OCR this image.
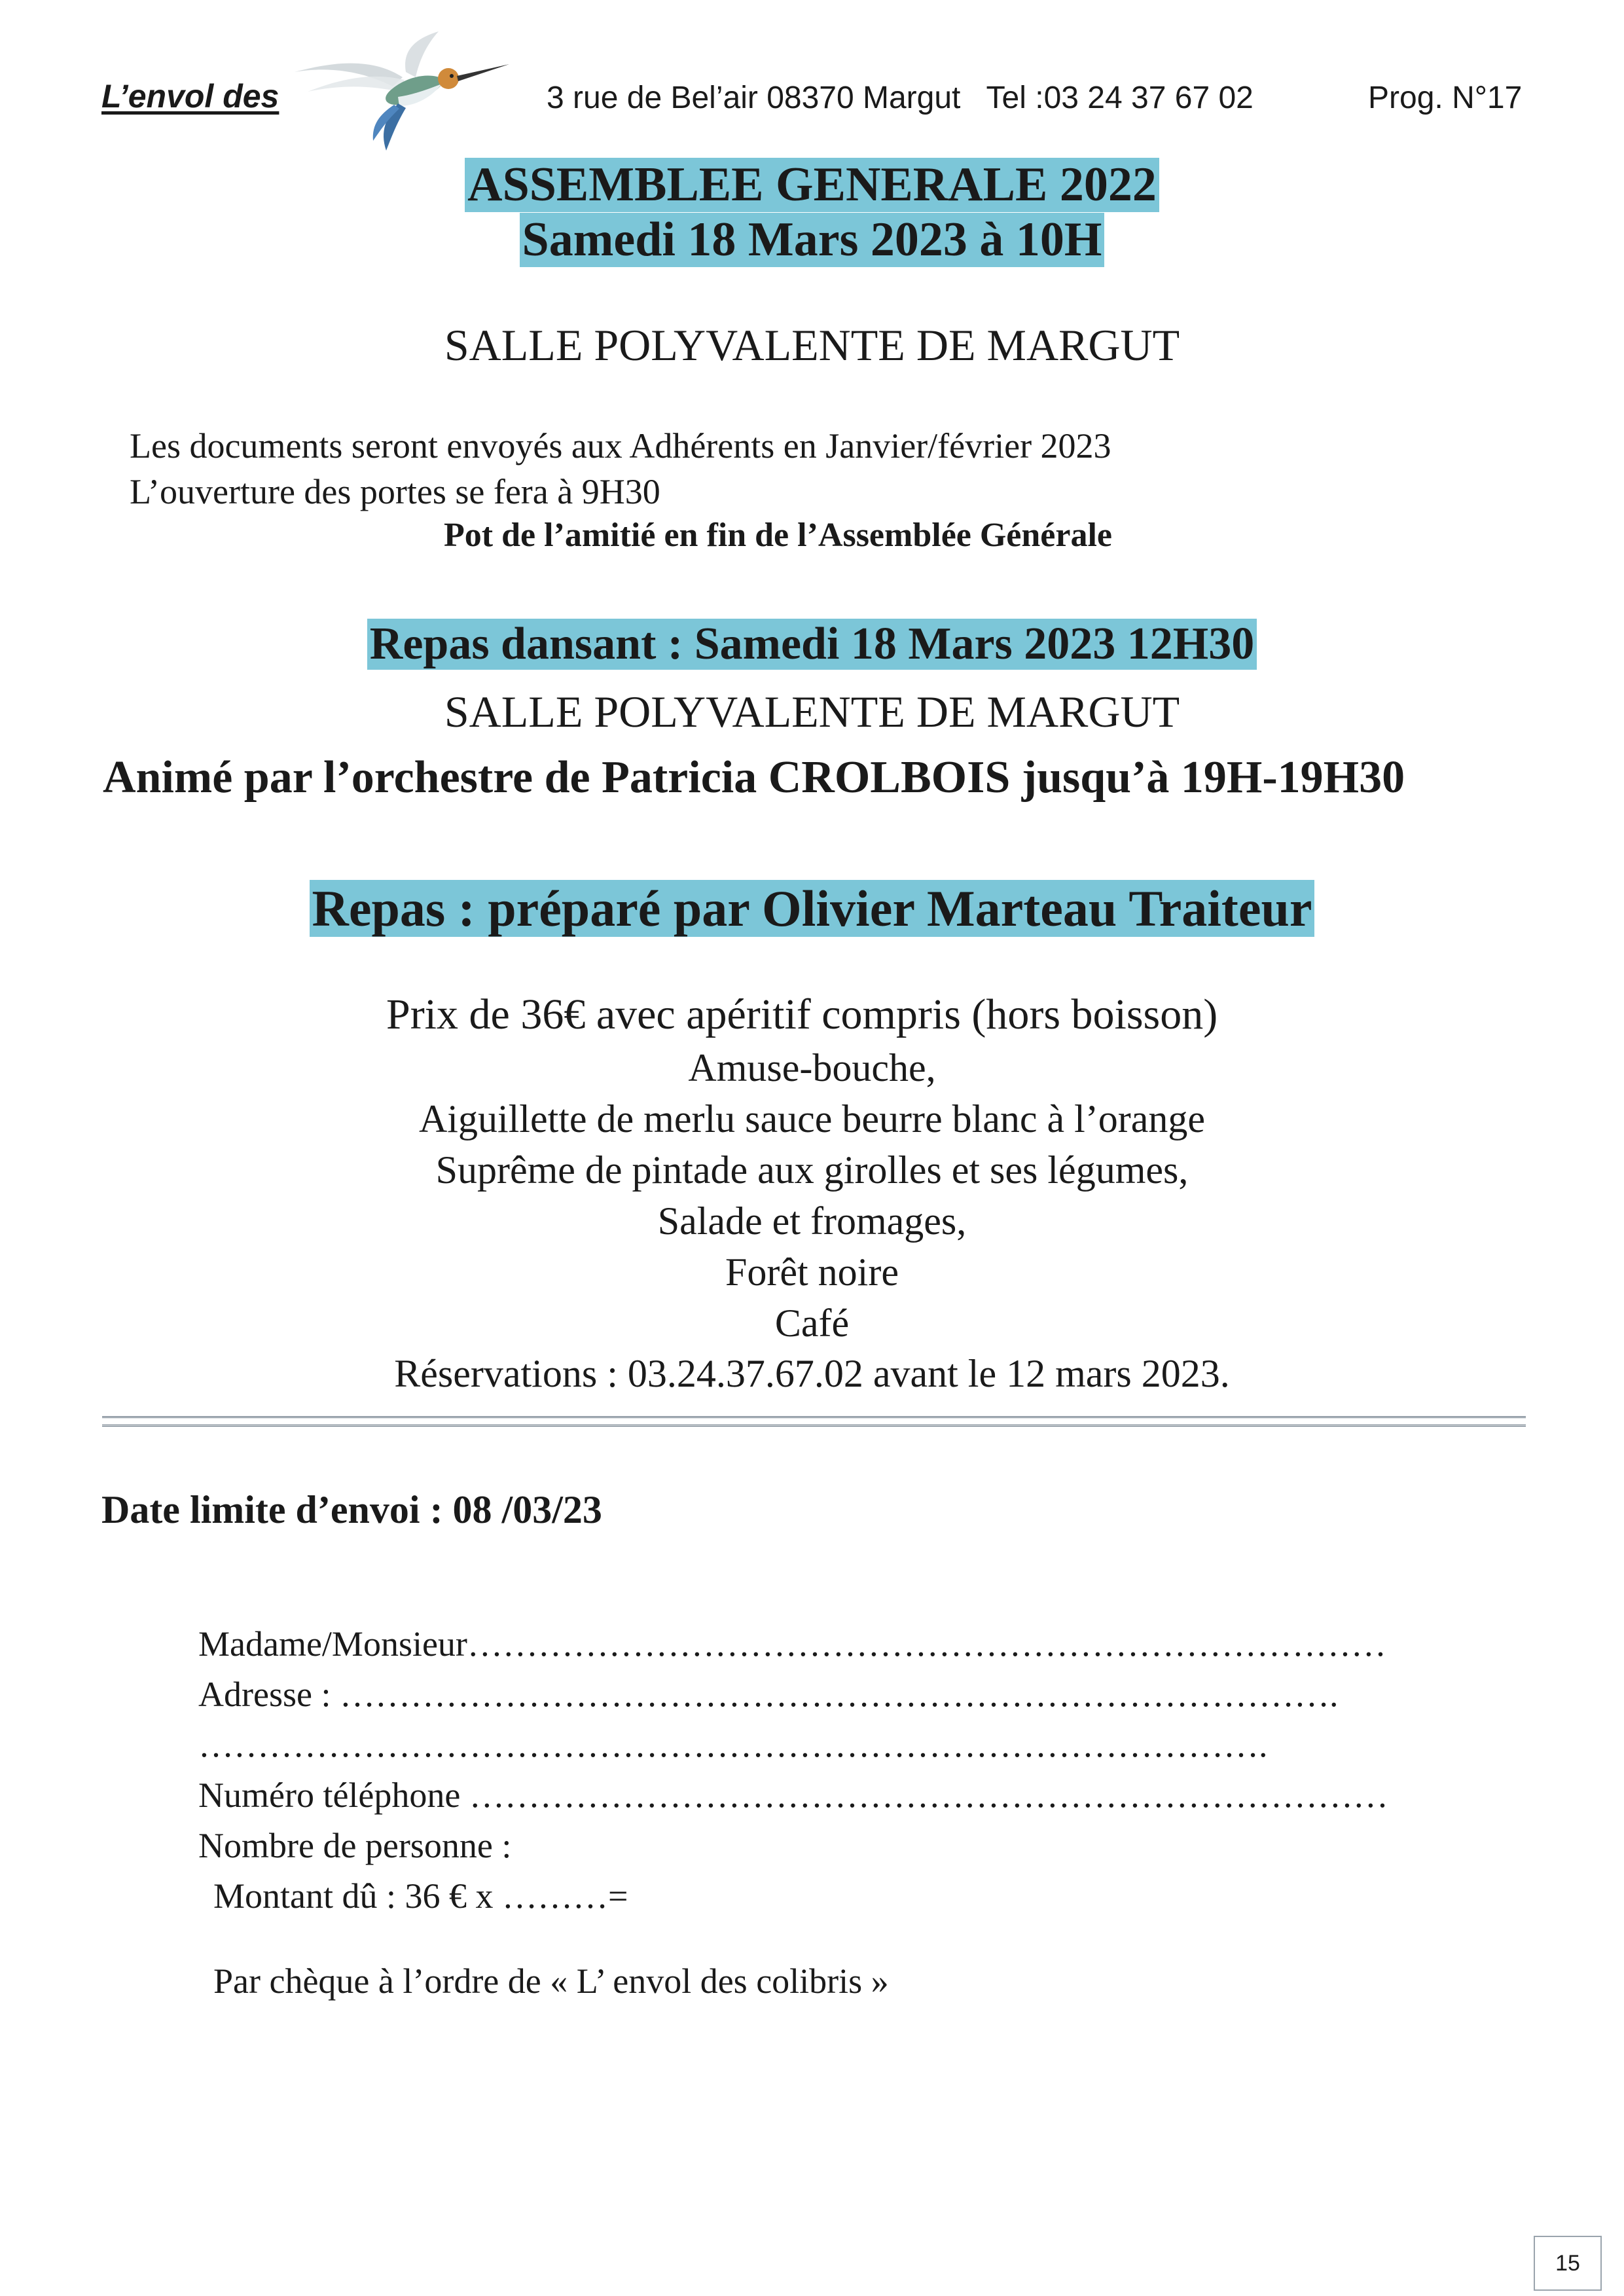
L’envol des	3 rue de Bel’air 08370 Margut   Tel :03 24 37 67 02	Prog. N°17
ASSEMBLEE GENERALE 2022
Samedi 18 Mars 2023 à 10H
SALLE POLYVALENTE DE MARGUT
Les documents seront envoyés aux Adhérents en Janvier/février 2023
L’ouverture des portes se fera à 9H30
Pot de l’amitié en fin de l’Assemblée Générale
Repas dansant : Samedi 18 Mars 2023 12H30
SALLE POLYVALENTE DE MARGUT
Animé par l’orchestre de Patricia CROLBOIS jusqu’à 19H-19H30
Repas : préparé par Olivier Marteau Traiteur
Prix de 36€ avec apéritif compris (hors boisson)
Amuse-bouche,
Aiguillette de merlu sauce beurre blanc à l’orange
Suprême de pintade aux girolles et ses légumes,
Salade et fromages,
Forêt noire
Café
Réservations : 03.24.37.67.02 avant le 12 mars 2023.
Date limite d’envoi : 08 /03/23
Madame/Monsieur……………………………………………………………………
Adresse : ………………………………………………………………………….
……………………………………………………………………………….
Numéro téléphone ……………………………………………………………………
Nombre de personne :
Montant dû : 36 € x ………=
Par chèque à l’ordre de « L’ envol des colibris »
15
